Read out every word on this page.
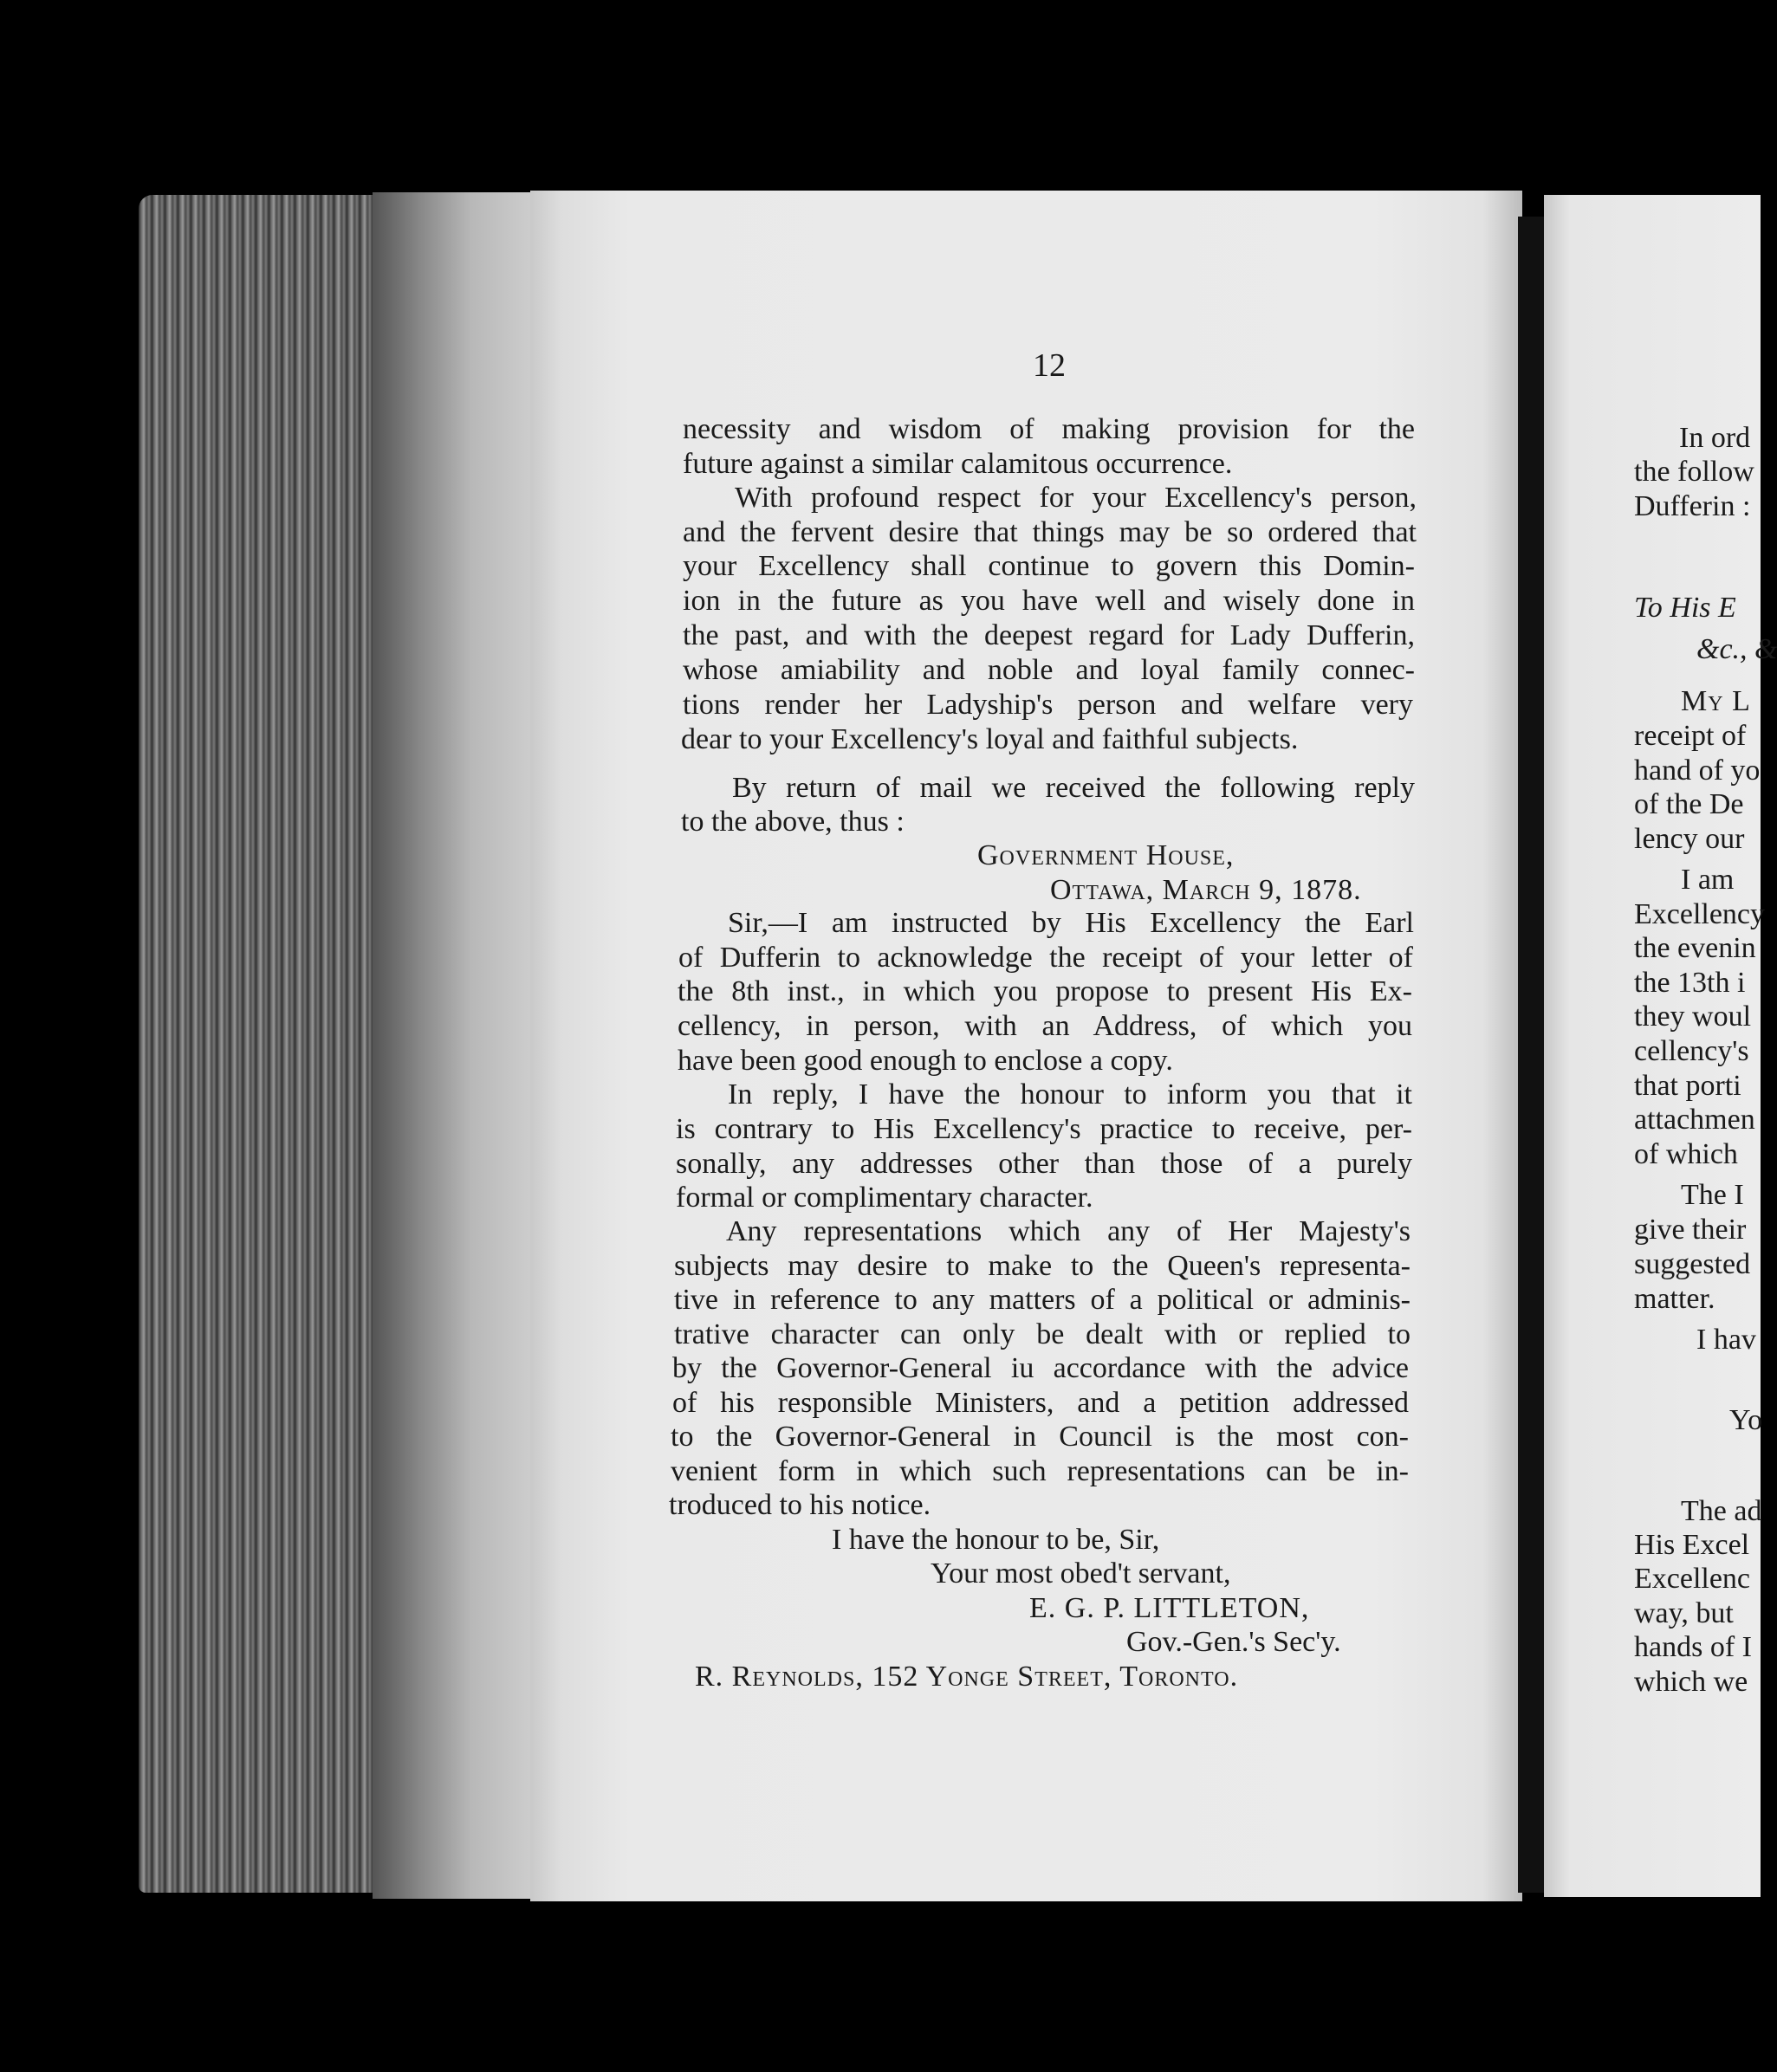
12
necessity and wisdom of making provision for the
future against a similar calamitous occurrence.
With profound respect for your Excellency's person,
and the fervent desire that things may be so ordered that
your Excellency shall continue to govern this Domin-
ion in the future as you have well and wisely done in
the past, and with the deepest regard for Lady Dufferin,
whose amiability and noble and loyal family connec-
tions render her Ladyship's person and welfare very
dear to your Excellency's loyal and faithful subjects.
By return of mail we received the following reply
to the above, thus :
Government House,
Ottawa, March 9, 1878.
Sir,—I am instructed by His Excellency the Earl
of Dufferin to acknowledge the receipt of your letter of
the 8th inst., in which you propose to present His Ex-
cellency, in person, with an Address, of which you
have been good enough to enclose a copy.
In reply, I have the honour to inform you that it
is contrary to His Excellency's practice to receive, per-
sonally, any addresses other than those of a purely
formal or complimentary character.
Any representations which any of Her Majesty's
subjects may desire to make to the Queen's representa-
tive in reference to any matters of a political or adminis-
trative character can only be dealt with or replied to
by the Governor-General iu accordance with the advice
of his responsible Ministers, and a petition addressed
to the Governor-General in Council is the most con-
venient form in which such representations can be in-
troduced to his notice.
I have the honour to be, Sir,
Your most obed't servant,
E. G. P. LITTLETON,
Gov.-Gen.'s Sec'y.
R. Reynolds, 152 Yonge Street, Toronto.
In ord
the follow
Dufferin :
To His E
&c., &
My L
receipt of
hand of yo
of the De
lency our
I am
Excellency
the evenin
the 13th i
they woul
cellency's
that porti
attachmen
of which
The I
give their
suggested
matter.
I hav
Yo
The ad
His Excel
Excellenc
way, but
hands of I
which we
